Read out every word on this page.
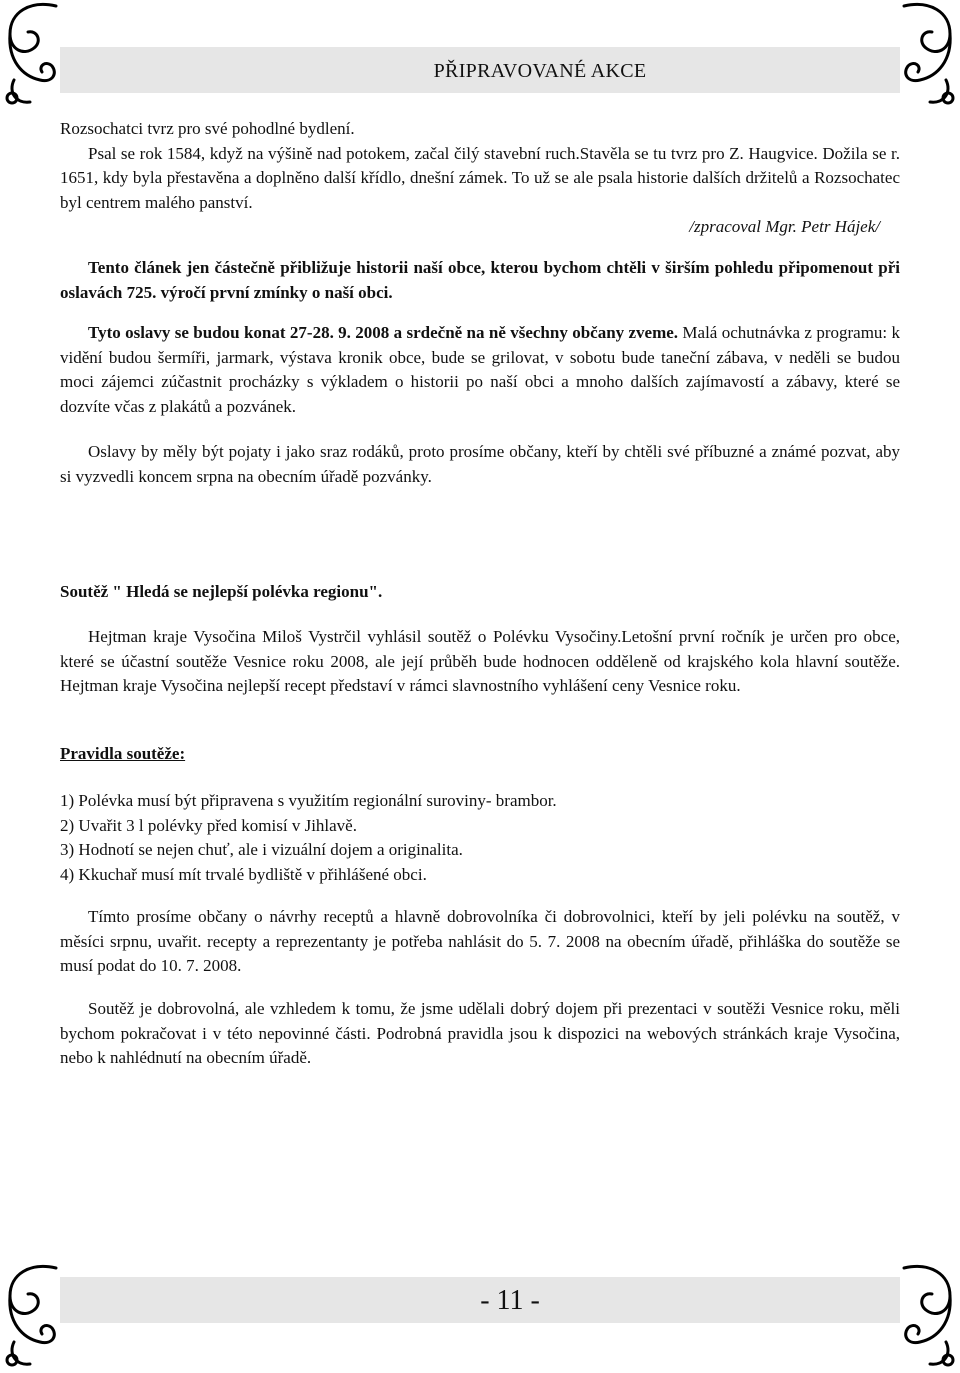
PŘIPRAVOVANÉ AKCE

Rozsochatci tvrz pro své pohodlné bydlení.

Psal se rok 1584, když na výšině nad potokem, začal čilý stavební ruch.Stavěla se tu tvrz pro Z. Haugvice. Dožila se r. 1651, kdy byla přestavěna a doplněno další křídlo, dnešní zámek. To už se ale psala historie dalších držitelů a Rozsochatec byl centrem malého panství.

/zpracoval Mgr. Petr Hájek/

Tento článek jen částečně přibližuje historii naší obce, kterou bychom chtěli v širším pohledu připomenout při oslavách 725. výročí první zmínky o naší obci.

Tyto oslavy se budou konat 27-28. 9. 2008 a srdečně na ně všechny občany zveme. Malá ochutnávka z programu: k vidění budou šermíři, jarmark, výstava kronik obce, bude se grilovat, v sobotu bude taneční zábava, v neděli se budou moci zájemci zúčastnit procházky s výkladem o historii po naší obci a mnoho dalších zajímavostí a zábavy, které se dozvíte včas z plakátů a pozvánek.

Oslavy by měly být pojaty i jako sraz rodáků, proto prosíme občany, kteří by chtěli své příbuzné a známé pozvat, aby si vyzvedli koncem srpna na obecním úřadě pozvánky.

Soutěž " Hledá se nejlepší polévka regionu".

Hejtman kraje Vysočina Miloš Vystrčil vyhlásil soutěž o Polévku Vysočiny.Letošní první ročník je určen pro obce, které se účastní soutěže Vesnice roku 2008, ale její průběh bude hodnocen odděleně od krajského kola hlavní soutěže. Hejtman kraje Vysočina nejlepší recept představí v rámci slavnostního vyhlášení ceny Vesnice roku.

Pravidla soutěže:

1) Polévka musí být připravena s využitím regionální suroviny- brambor.

2) Uvařit 3 l polévky před komisí v Jihlavě.

3) Hodnotí se nejen chuť, ale i vizuální dojem a originalita.

4) Kkuchař musí mít trvalé bydliště v přihlášené obci.

Tímto prosíme občany o návrhy receptů a hlavně dobrovolníka či dobrovolnici, kteří by jeli polévku na soutěž, v měsíci srpnu, uvařit. recepty a reprezentanty je potřeba nahlásit do 5. 7. 2008 na obecním úřadě, přihláška do soutěže se musí podat do 10. 7. 2008.

Soutěž je dobrovolná, ale vzhledem k tomu, že jsme udělali dobrý dojem při prezentaci v soutěži Vesnice roku, měli bychom pokračovat i v této nepovinné části. Podrobná pravidla jsou k dispozici na webových stránkách kraje Vysočina, nebo k nahlédnutí na obecním úřadě.

- 11 -
